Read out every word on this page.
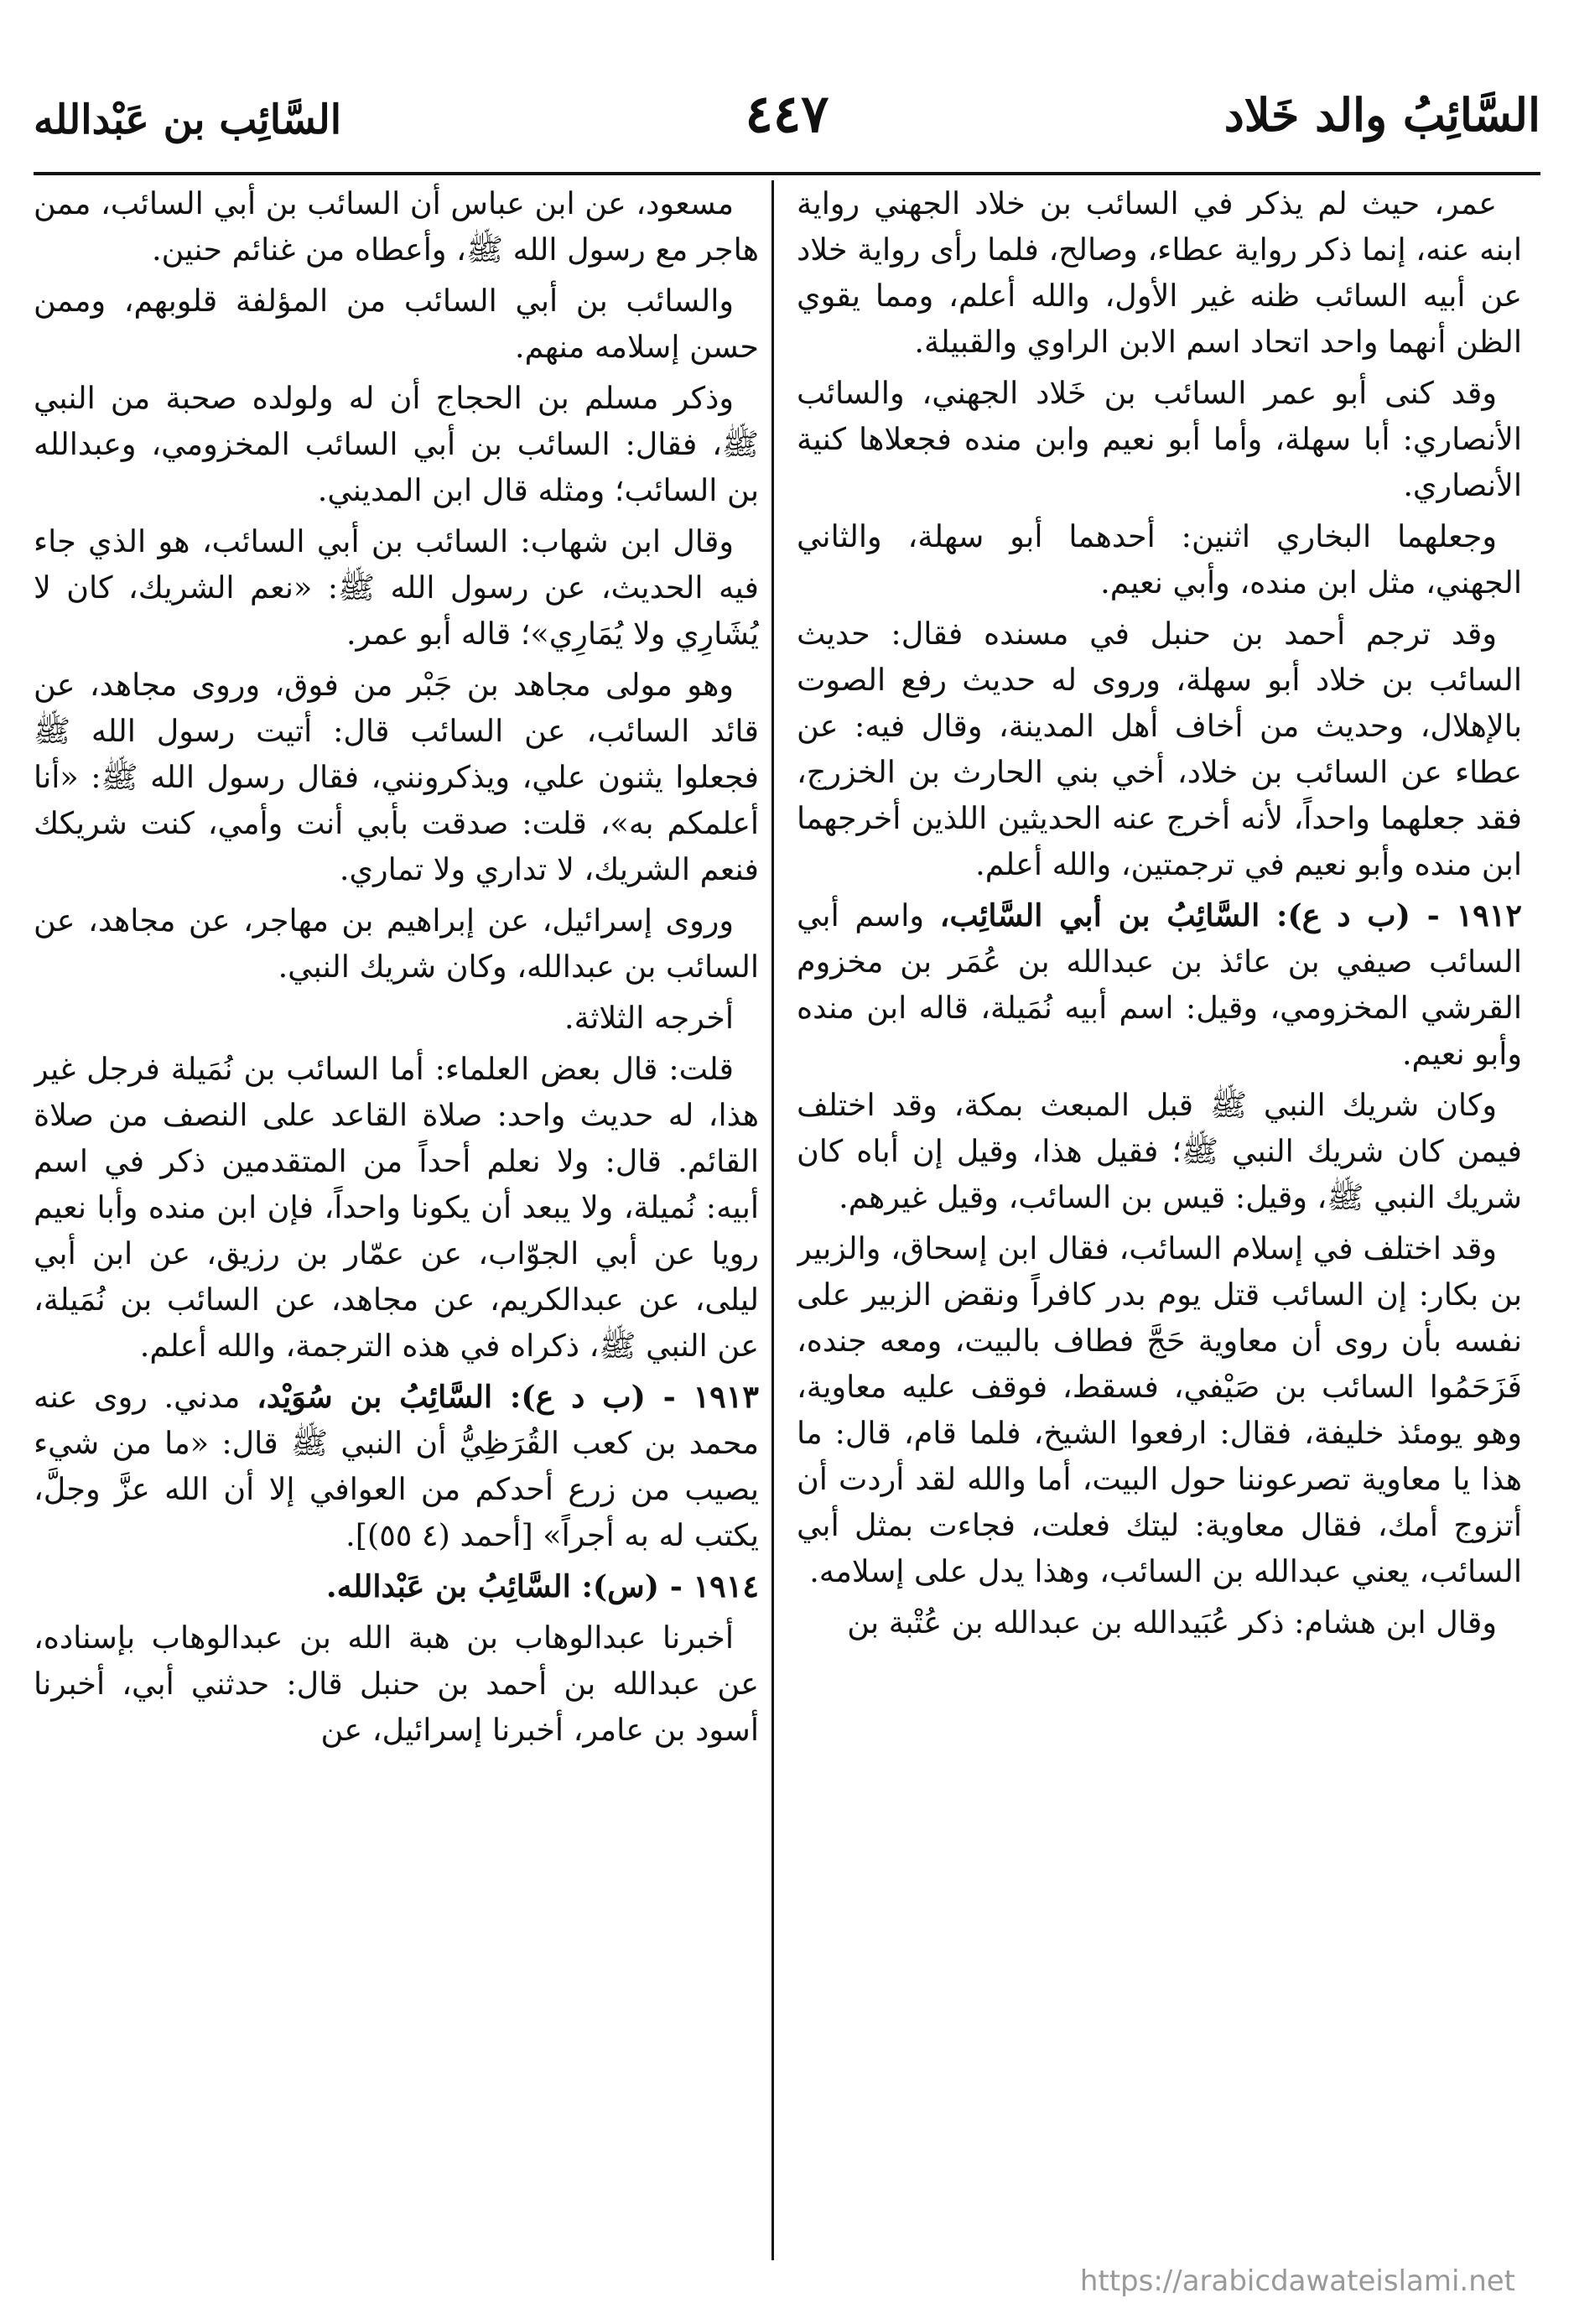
السَّائِبُ والد خَلاد
٤٤٧
السَّائِب بن عَبْدالله

عمر، حيث لم يذكر في السائب بن خلاد الجهني رواية ابنه عنه، إنما ذكر رواية عطاء، وصالح، فلما رأى رواية خلاد عن أبيه السائب ظنه غير الأول، والله أعلم، ومما يقوي الظن أنهما واحد اتحاد اسم الابن الراوي والقبيلة.

وقد كنى أبو عمر السائب بن خَلاد الجهني، والسائب الأنصاري: أبا سهلة، وأما أبو نعيم وابن منده فجعلاها كنية الأنصاري.

وجعلهما البخاري اثنين: أحدهما أبو سهلة، والثاني الجهني، مثل ابن منده، وأبي نعيم.

وقد ترجم أحمد بن حنبل في مسنده فقال: حديث السائب بن خلاد أبو سهلة، وروى له حديث رفع الصوت بالإهلال، وحديث من أخاف أهل المدينة، وقال فيه: عن عطاء عن السائب بن خلاد، أخي بني الحارث بن الخزرج، فقد جعلهما واحداً، لأنه أخرج عنه الحديثين اللذين أخرجهما ابن منده وأبو نعيم في ترجمتين، والله أعلم.

١٩١٢ - (ب د ع): السَّائِبُ بن أبي السَّائِب، واسم أبي السائب صيفي بن عائذ بن عبدالله بن عُمَر بن مخزوم القرشي المخزومي، وقيل: اسم أبيه نُمَيلة، قاله ابن منده وأبو نعيم.

وكان شريك النبي ﷺ قبل المبعث بمكة، وقد اختلف فيمن كان شريك النبي ﷺ؛ فقيل هذا، وقيل إن أباه كان شريك النبي ﷺ، وقيل: قيس بن السائب، وقيل غيرهم.

وقد اختلف في إسلام السائب، فقال ابن إسحاق، والزبير بن بكار: إن السائب قتل يوم بدر كافراً ونقض الزبير على نفسه بأن روى أن معاوية حَجَّ فطاف بالبيت، ومعه جنده، فَزَحَمُوا السائب بن صَيْفي، فسقط، فوقف عليه معاوية، وهو يومئذ خليفة، فقال: ارفعوا الشيخ، فلما قام، قال: ما هذا يا معاوية تصرعوننا حول البيت، أما والله لقد أردت أن أتزوج أمك، فقال معاوية: ليتك فعلت، فجاءت بمثل أبي السائب، يعني عبدالله بن السائب، وهذا يدل على إسلامه.

وقال ابن هشام: ذكر عُبَيدالله بن عبدالله بن عُتْبة بن

مسعود، عن ابن عباس أن السائب بن أبي السائب، ممن هاجر مع رسول الله ﷺ، وأعطاه من غنائم حنين.

والسائب بن أبي السائب من المؤلفة قلوبهم، وممن حسن إسلامه منهم.

وذكر مسلم بن الحجاج أن له ولولده صحبة من النبي ﷺ، فقال: السائب بن أبي السائب المخزومي، وعبدالله بن السائب؛ ومثله قال ابن المديني.

وقال ابن شهاب: السائب بن أبي السائب، هو الذي جاء فيه الحديث، عن رسول الله ﷺ: «نعم الشريك، كان لا يُشَارِي ولا يُمَارِي»؛ قاله أبو عمر.

وهو مولى مجاهد بن جَبْر من فوق، وروى مجاهد، عن قائد السائب، عن السائب قال: أتيت رسول الله ﷺ فجعلوا يثنون علي، ويذكرونني، فقال رسول الله ﷺ: «أنا أعلمكم به»، قلت: صدقت بأبي أنت وأمي، كنت شريكك فنعم الشريك، لا تداري ولا تماري.

وروى إسرائيل، عن إبراهيم بن مهاجر، عن مجاهد، عن السائب بن عبدالله، وكان شريك النبي.

أخرجه الثلاثة.

قلت: قال بعض العلماء: أما السائب بن نُمَيلة فرجل غير هذا، له حديث واحد: صلاة القاعد على النصف من صلاة القائم. قال: ولا نعلم أحداً من المتقدمين ذكر في اسم أبيه: نُميلة، ولا يبعد أن يكونا واحداً، فإن ابن منده وأبا نعيم رويا عن أبي الجوّاب، عن عمّار بن رزيق، عن ابن أبي ليلى، عن عبدالكريم، عن مجاهد، عن السائب بن نُمَيلة، عن النبي ﷺ، ذكراه في هذه الترجمة، والله أعلم.

١٩١٣ - (ب د ع): السَّائِبُ بن سُوَيْد، مدني. روى عنه محمد بن كعب القُرَظِيُّ أن النبي ﷺ قال: «ما من شيء يصيب من زرع أحدكم من العوافي إلا أن الله عزَّ وجلَّ، يكتب له به أجراً» [أحمد (٤ ٥٥)].

١٩١٤ - (س): السَّائِبُ بن عَبْدالله.

أخبرنا عبدالوهاب بن هبة الله بن عبدالوهاب بإسناده، عن عبدالله بن أحمد بن حنبل قال: حدثني أبي، أخبرنا أسود بن عامر، أخبرنا إسرائيل، عن

https://arabicdawateislami.net
